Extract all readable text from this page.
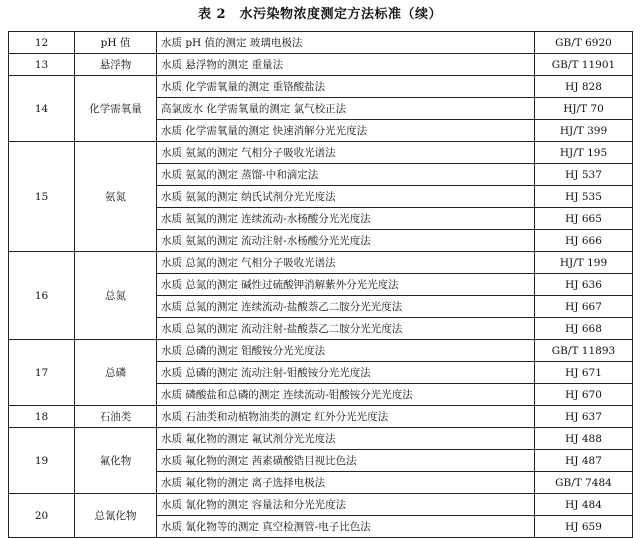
表 2　水污染物浓度测定方法标准（续）
12	pH 值	水质 pH 值的测定 玻璃电极法	GB/T 6920
13	悬浮物	水质 悬浮物的测定 重量法	GB/T 11901
14	化学需氧量	水质 化学需氧量的测定 重铬酸盐法	HJ 828
		高氯废水 化学需氧量的测定 氯气校正法	HJ/T 70
		水质 化学需氧量的测定 快速消解分光光度法	HJ/T 399
15	氨氮	水质 氨氮的测定 气相分子吸收光谱法	HJ/T 195
		水质 氨氮的测定 蒸馏-中和滴定法	HJ 537
		水质 氨氮的测定 纳氏试剂分光光度法	HJ 535
		水质 氨氮的测定 连续流动-水杨酸分光光度法	HJ 665
		水质 氨氮的测定 流动注射-水杨酸分光光度法	HJ 666
16	总氮	水质 总氮的测定 气相分子吸收光谱法	HJ/T 199
		水质 总氮的测定 碱性过硫酸钾消解紫外分光光度法	HJ 636
		水质 总氮的测定 连续流动-盐酸萘乙二胺分光光度法	HJ 667
		水质 总氮的测定 流动注射-盐酸萘乙二胺分光光度法	HJ 668
17	总磷	水质 总磷的测定 钼酸铵分光光度法	GB/T 11893
		水质 总磷的测定 流动注射-钼酸铵分光光度法	HJ 671
		水质 磷酸盐和总磷的测定 连续流动-钼酸铵分光光度法	HJ 670
18	石油类	水质 石油类和动植物油类的测定 红外分光光度法	HJ 637
19	氟化物	水质 氟化物的测定 氟试剂分光光度法	HJ 488
		水质 氟化物的测定 茜素磺酸锆目视比色法	HJ 487
		水质 氟化物的测定 离子选择电极法	GB/T 7484
20	总氰化物	水质 氰化物的测定 容量法和分光光度法	HJ 484
		水质 氰化物等的测定 真空检测管-电子比色法	HJ 659
